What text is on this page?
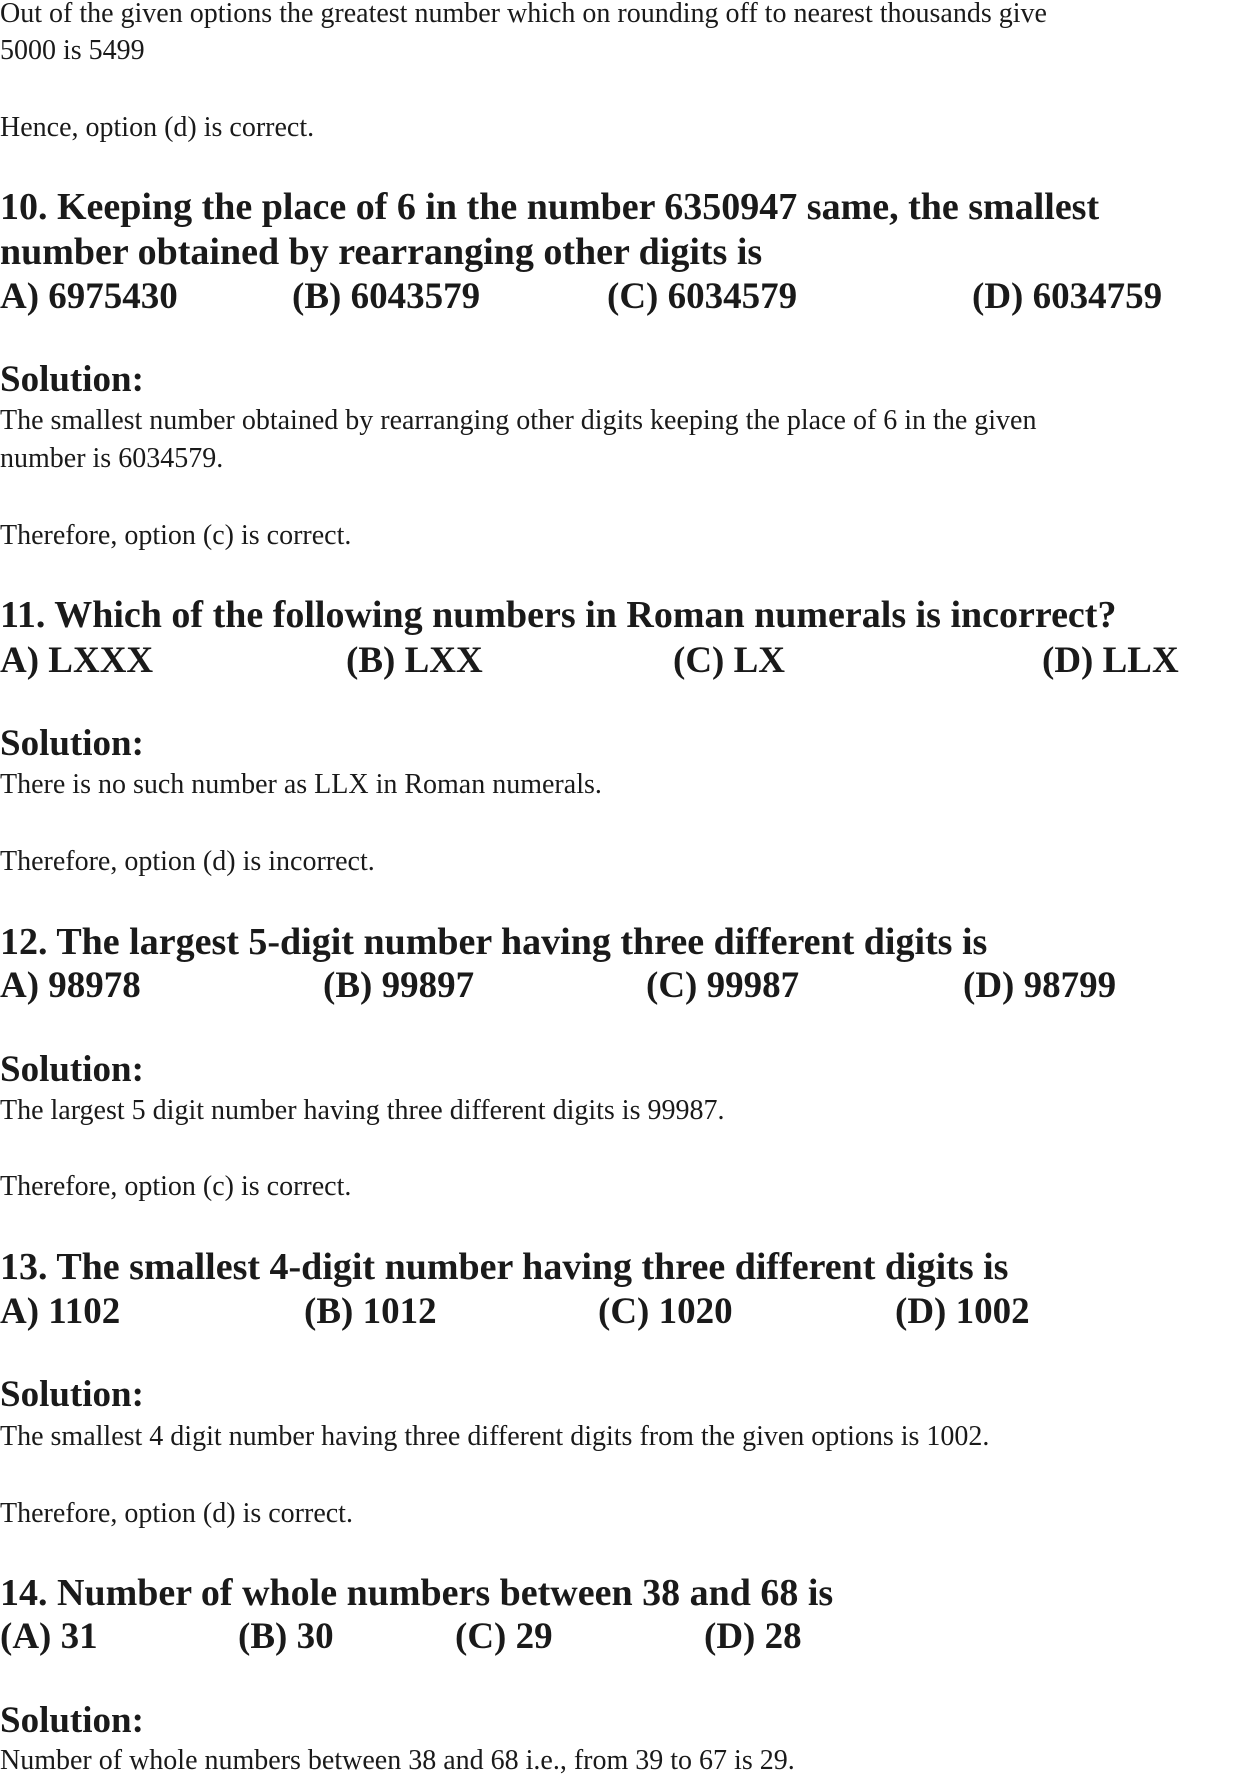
Out of the given options the greatest number which on rounding off to nearest thousands give
5000 is 5499
Hence, option (d) is correct.
10. Keeping the place of 6 in the number 6350947 same, the smallest
number obtained by rearranging other digits is
A) 6975430	(B) 6043579	(C) 6034579	(D) 6034759
Solution:
The smallest number obtained by rearranging other digits keeping the place of 6 in the given
number is 6034579.
Therefore, option (c) is correct.
11. Which of the following numbers in Roman numerals is incorrect?
A) LXXX	(B) LXX	(C) LX	(D) LLX
Solution:
There is no such number as LLX in Roman numerals.
Therefore, option (d) is incorrect.
12. The largest 5-digit number having three different digits is
A) 98978	(B) 99897	(C) 99987	(D) 98799
Solution:
The largest 5 digit number having three different digits is 99987.
Therefore, option (c) is correct.
13. The smallest 4-digit number having three different digits is
A) 1102	(B) 1012	(C) 1020	(D) 1002
Solution:
The smallest 4 digit number having three different digits from the given options is 1002.
Therefore, option (d) is correct.
14. Number of whole numbers between 38 and 68 is
(A) 31	(B) 30	(C) 29	(D) 28
Solution:
Number of whole numbers between 38 and 68 i.e., from 39 to 67 is 29.
